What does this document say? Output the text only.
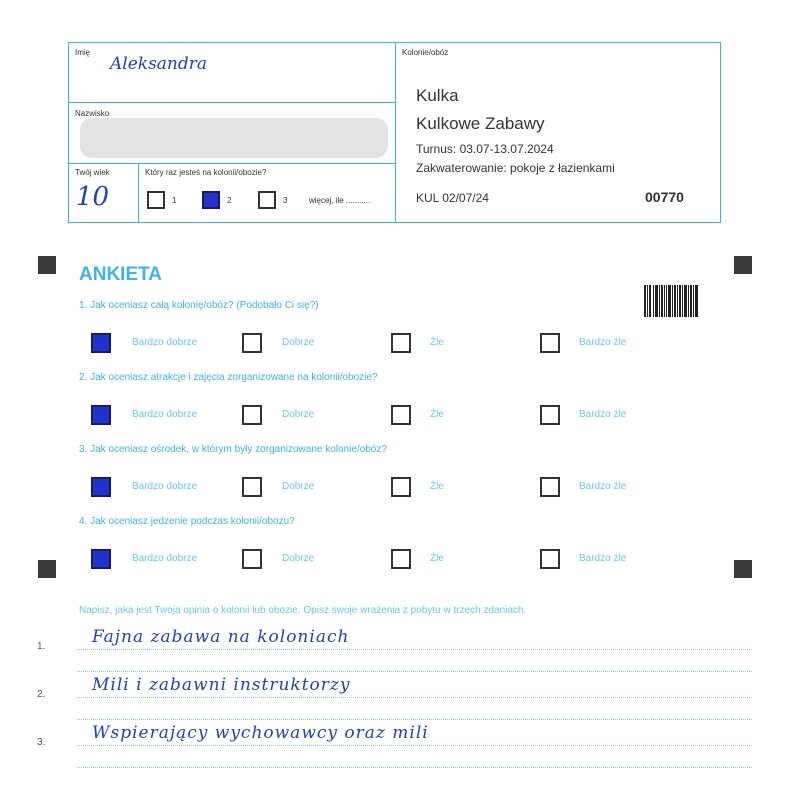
Imię
Aleksandra
Nazwisko
Twój wiek
10
Który raz jesteś na kolonii/obozie?
1	2	3	więcej, ile ...........
Kolonie/obóz
Kulka
Kulkowe Zabawy
Turnus: 03.07-13.07.2024
Zakwaterowanie: pokoje z łazienkami
KUL 02/07/24	00770
ANKIETA
1. Jak oceniasz całą kolonię/obóz? (Podobało Ci się?)
Bardzo dobrze	Dobrze	Źle	Bardzo źle
2. Jak oceniasz atrakcje i zajęcia zorganizowane na kolonii/obozie?
Bardzo dobrze	Dobrze	Źle	Bardzo źle
3. Jak oceniasz ośrodek, w którym były zorganizowane kolonie/obóz?
Bardzo dobrze	Dobrze	Źle	Bardzo źle
4. Jak oceniasz jedzenie podczas kolonii/obozu?
Bardzo dobrze	Dobrze	Źle	Bardzo źle
Napisz, jaka jest Twoja opinia o kolonii lub obozie. Opisz swoje wrażenia z pobytu w trzech zdaniach.
1.	Fajna zabawa na koloniach
2.	Mili i zabawni instruktorzy
3.	Wspierający wychowawcy oraz mili
